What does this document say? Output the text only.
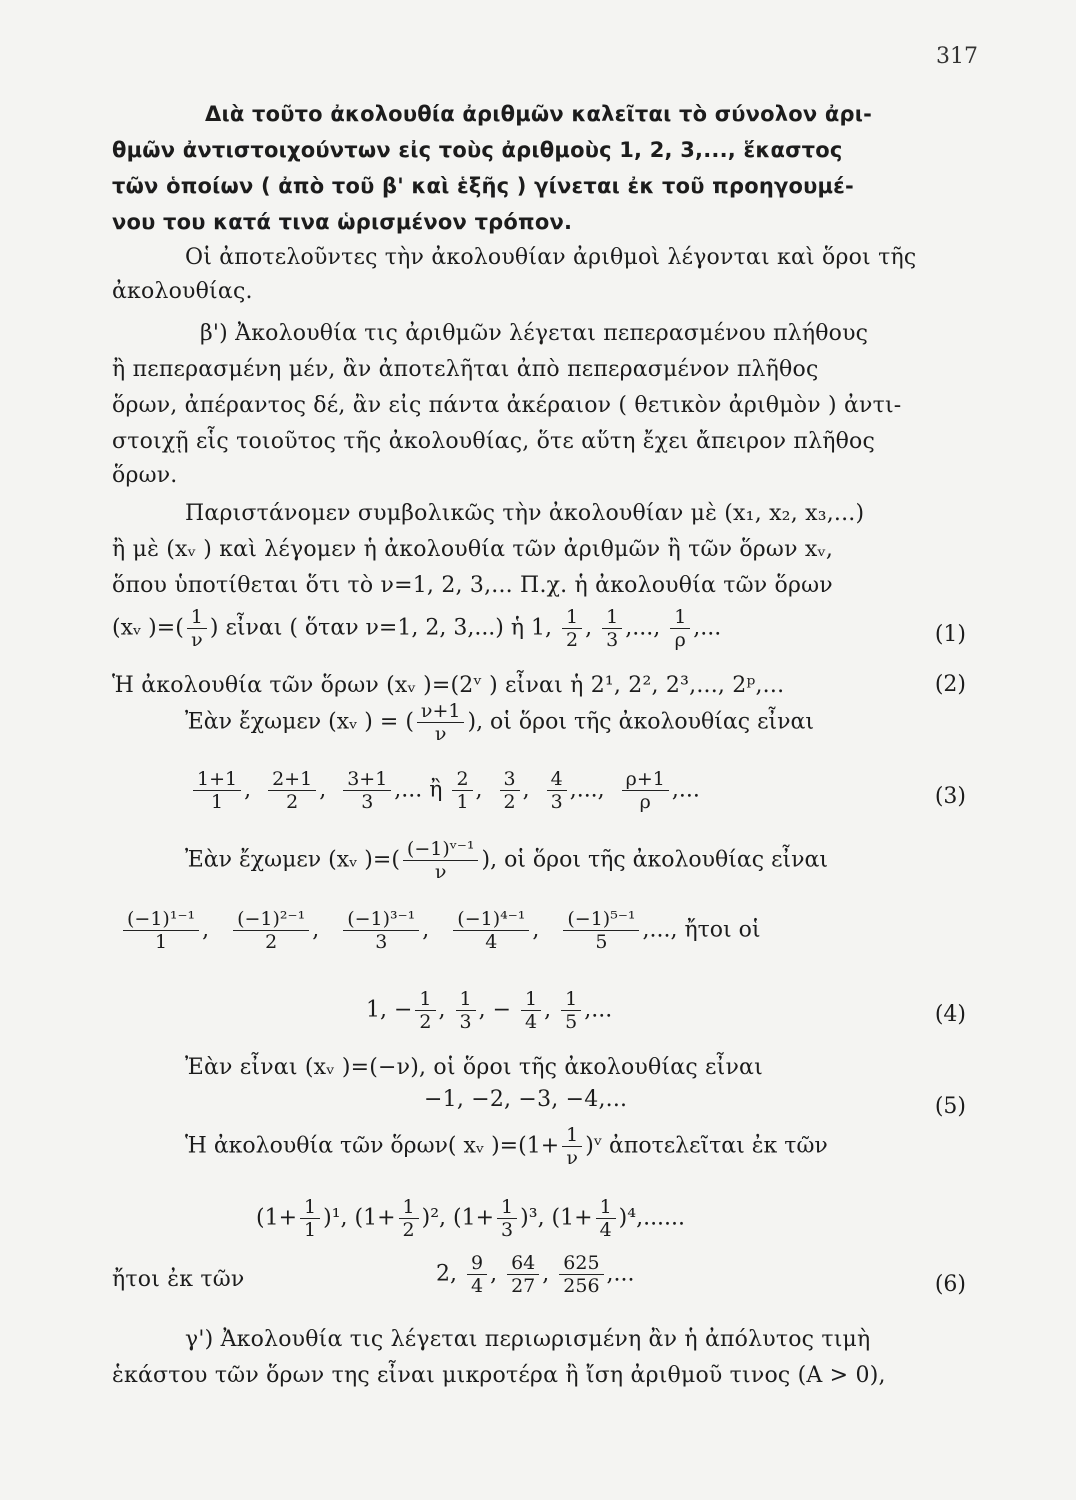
317
Διὰ τοῦτο ἀκολουθία ἀριθμῶν καλεῖται τὸ σύνολον ἀρι-
θμῶν ἀντιστοιχούντων εἰς τοὺς ἀριθμοὺς 1, 2, 3,..., ἕκαστος
τῶν ὁποίων ( ἀπὸ τοῦ β' καὶ ἑξῆς ) γίνεται ἐκ τοῦ προηγουμέ-
νου του κατά τινα ὡρισμένον τρόπον.
Οἱ ἀποτελοῦντες τὴν ἀκολουθίαν ἀριθμοὶ λέγονται καὶ ὅροι τῆς
ἀκολουθίας.
β') Ἀκολουθία τις ἀριθμῶν λέγεται πεπερασμένου πλήθους
ἢ πεπερασμένη μέν, ἂν ἀποτελῆται ἀπὸ πεπερασμένον πλῆθος
ὅρων, ἀπέραντος δέ, ἂν εἰς πάντα ἀκέραιον ( θετικὸν ἀριθμὸν ) ἀντι-
στοιχῇ εἷς τοιοῦτος τῆς ἀκολουθίας, ὅτε αὕτη ἔχει ἄπειρον πλῆθος
ὅρων.
Παριστάνομεν συμβολικῶς τὴν ἀκολουθίαν μὲ (x₁, x₂, x₃,...)
ἢ μὲ (xᵥ ) καὶ λέγομεν ἡ ἀκολουθία τῶν ἀριθμῶν ἢ τῶν ὅρων xᵥ,
ὅπου ὑποτίθεται ὅτι τὸ ν=1, 2, 3,... Π.χ. ἡ ἀκολουθία τῶν ὅρων
(xᵥ )=( $\frac{1}{\nu}$ ) εἶναι ( ὅταν ν=1, 2, 3,...) ἡ 1, $\frac{1}{2}$ , $\frac{1}{3}$ ,..., $\frac{1}{\rho}$ ,...	(1)
Ἡ ἀκολουθία τῶν ὅρων (xᵥ )=(2ᵛ ) εἶναι ἡ 2¹, 2², 2³,..., 2ᵖ,...	(2)
Ἐὰν ἔχωμεν (xᵥ ) = ( $\frac{\nu+1}{\nu}$ ), οἱ ὅροι τῆς ἀκολουθίας εἶναι
$\frac{1+1}{1}$ , $\frac{2+1}{2}$ , $\frac{3+1}{3}$ ,... ἢ $\frac{2}{1}$ , $\frac{3}{2}$ , $\frac{4}{3}$ ,..., $\frac{\rho+1}{\rho}$ ,...	(3)
Ἐὰν ἔχωμεν (xᵥ )=( $\frac{\text{(−1)ᵛ⁻¹}}{\nu}$ ), οἱ ὅροι τῆς ἀκολουθίας εἶναι
$\frac{\text{(−1)¹⁻¹}}{1}$ , $\frac{\text{(−1)²⁻¹}}{2}$ , $\frac{\text{(−1)³⁻¹}}{3}$ , $\frac{\text{(−1)⁴⁻¹}}{4}$ , $\frac{\text{(−1)⁵⁻¹}}{5}$ ,..., ἤτοι οἱ
1, − $\frac{1}{2}$ , $\frac{1}{3}$ , − $\frac{1}{4}$ , $\frac{1}{5}$ ,...	(4)
Ἐὰν εἶναι (xᵥ )=(−ν), οἱ ὅροι τῆς ἀκολουθίας εἶναι
−1, −2, −3, −4,...	(5)
Ἡ ἀκολουθία τῶν ὅρων( xᵥ )$=(1+ \frac{1}{\nu}$ )ᵛ ἀποτελεῖται ἐκ τῶν
$(1+ \frac{1}{1} )^1$, $(1+ \frac{1}{2} )^2$, $(1+ \frac{1}{3} )^3$, $(1+ \frac{1}{4} )^4$,......
ἤτοι ἐκ τῶν	2, $\frac{9}{4}$ , $\frac{64}{27}$ , $\frac{625}{256}$ ,...	(6)
γ') Ἀκολουθία τις λέγεται περιωρισμένη ἂν ἡ ἀπόλυτος τιμὴ
ἑκάστου τῶν ὅρων της εἶναι μικροτέρα ἢ ἴση ἀριθμοῦ τινος (A > 0),
